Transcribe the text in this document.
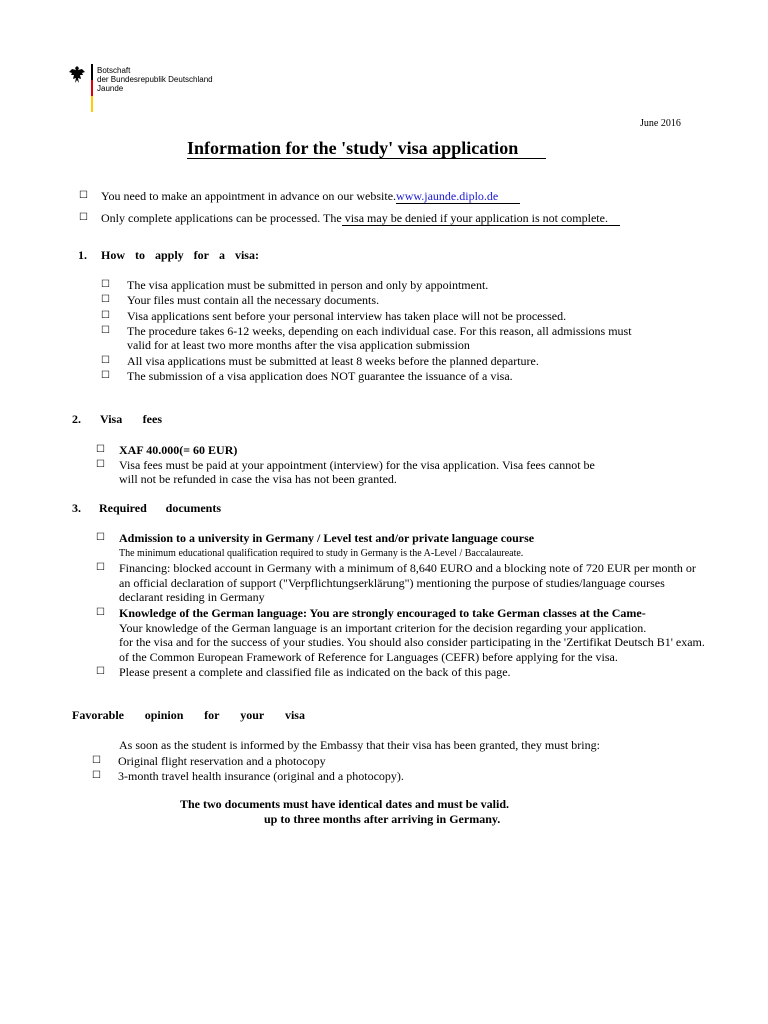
Botschaft
der Bundesrepublik Deutschland
Jaunde
June 2016
Information for the 'study' visa application
☐ You need to make an appointment in advance on our website.www.jaunde.diplo.de
☐ Only complete applications can be processed. The visa may be denied if your application is not complete.
1. How to apply for a visa:
☐ The visa application must be submitted in person and only by appointment.
☐ Your files must contain all the necessary documents.
☐ Visa applications sent before your personal interview has taken place will not be processed.
☐ The procedure takes 6-12 weeks, depending on each individual case. For this reason, all admissions must
valid for at least two more months after the visa application submission
☐ All visa applications must be submitted at least 8 weeks before the planned departure.
☐ The submission of a visa application does NOT guarantee the issuance of a visa.
2. Visa fees
☐ XAF 40.000(= 60 EUR)
☐ Visa fees must be paid at your appointment (interview) for the visa application. Visa fees cannot be
will not be refunded in case the visa has not been granted.
3. Required documents
☐ Admission to a university in Germany / Level test and/or private language course
The minimum educational qualification required to study in Germany is the A-Level / Baccalaureate.
☐ Financing: blocked account in Germany with a minimum of 8,640 EURO and a blocking note of 720 EUR per month or
an official declaration of support ("Verpflichtungserklärung") mentioning the purpose of studies/language courses
declarant residing in Germany
☐ Knowledge of the German language: You are strongly encouraged to take German classes at the Came-
Your knowledge of the German language is an important criterion for the decision regarding your application.
for the visa and for the success of your studies. You should also consider participating in the 'Zertifikat Deutsch B1' exam.
of the Common European Framework of Reference for Languages (CEFR) before applying for the visa.
☐ Please present a complete and classified file as indicated on the back of this page.
Favorable opinion for your visa
As soon as the student is informed by the Embassy that their visa has been granted, they must bring:
☐ Original flight reservation and a photocopy
☐ 3-month travel health insurance (original and a photocopy).
The two documents must have identical dates and must be valid.
up to three months after arriving in Germany.
